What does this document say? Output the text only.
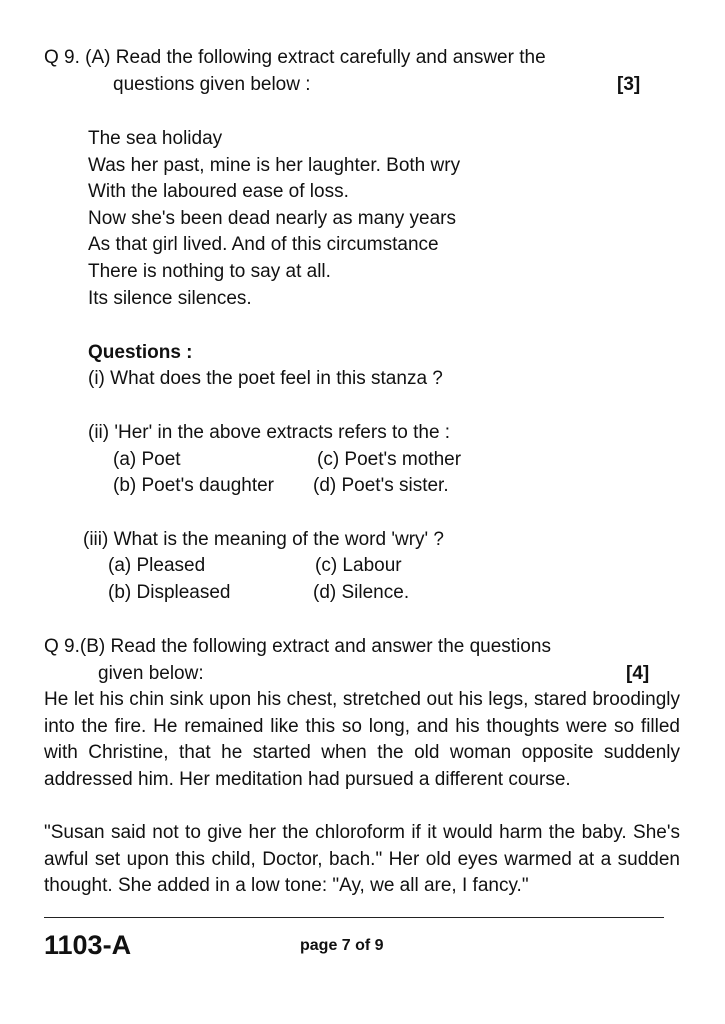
Q 9. (A) Read the following extract carefully and answer the
questions given below :	[3]
The sea holiday
Was her past, mine is her laughter. Both wry
With the laboured ease of loss.
Now she's been dead nearly as many years
As that girl lived. And of this circumstance
There is nothing to say at all.
Its silence silences.
Questions :
(i) What does the poet feel in this stanza ?
(ii) 'Her' in the above extracts refers to the :
(a) Poet	(c) Poet's mother
(b) Poet's daughter (d) Poet's sister.
(iii) What is the meaning of the word 'wry' ?
(a) Pleased	(c) Labour
(b) Displeased	(d) Silence.
Q 9.(B) Read the following extract and answer the questions
given below:	[4]
He let his chin sink upon his chest, stretched out his legs, stared broodingly into the fire. He remained like this so long, and his thoughts were so filled with Christine, that he started when the old woman opposite suddenly addressed him. Her meditation had pursued a different course.
"Susan said not to give her the chloroform if it would harm the baby. She's awful set upon this child, Doctor, bach." Her old eyes warmed at a sudden thought. She added in a low tone: "Ay, we all are, I fancy."
1103-A	page 7 of 9
